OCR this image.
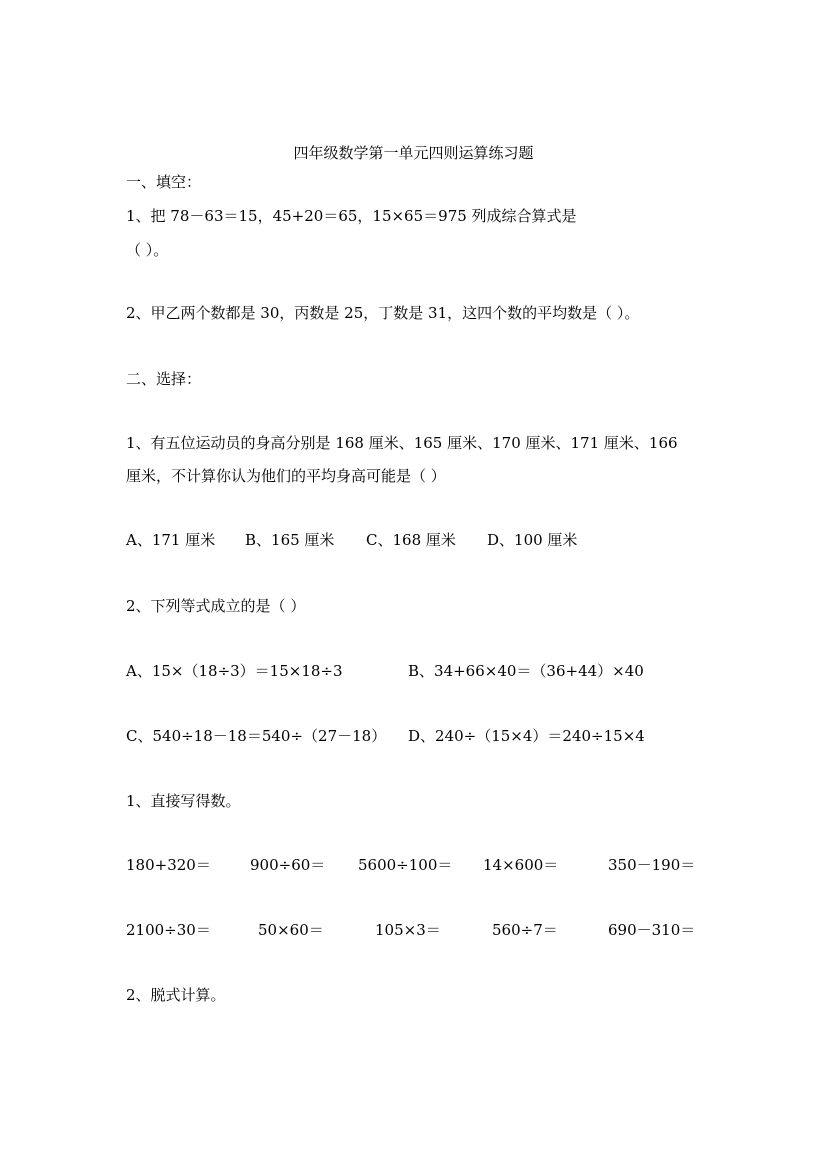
四年级数学第一单元四则运算练习题
一、填空：
1、把 78－63＝15，45+20＝65，15×65＝975 列成综合算式是
（ ）。
2、甲乙两个数都是 30，丙数是 25，丁数是 31，这四个数的平均数是（ ）。
二、选择：
1、有五位运动员的身高分别是 168 厘米、165 厘米、170 厘米、171 厘米、166
厘米，不计算你认为他们的平均身高可能是（ ）
A、171 厘米 B、165 厘米 C、168 厘米 D、100 厘米
2、下列等式成立的是（ ）
A、15×（18÷3）＝15×18÷3	B、34+66×40＝（36+44）×40
C、540÷18－18＝540÷（27－18） D、240÷（15×4）＝240÷15×4
1、直接写得数。
180+320＝	900÷60＝ 5600÷100＝ 14×600＝	350－190＝
2100÷30＝	50×60＝	105×3＝	560÷7＝	690－310＝
2、脱式计算。
